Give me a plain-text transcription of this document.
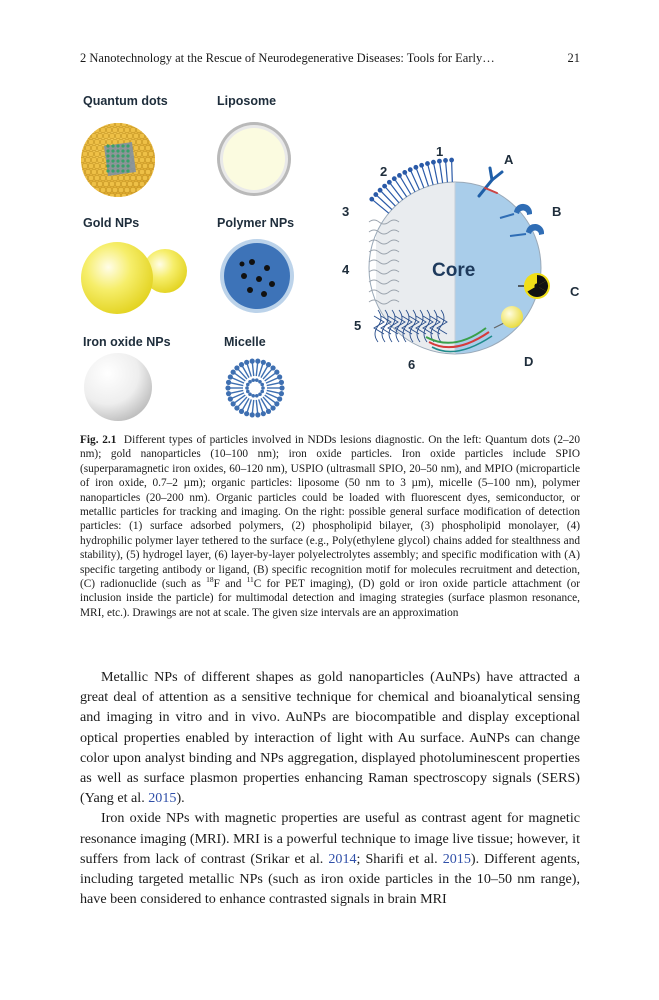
2 Nanotechnology at the Rescue of Neurodegenerative Diseases: Tools for Early…	21
Quantum dots	Liposome
Gold NPs	Polymer NPs
Iron oxide NPs	Micelle
1
2
3
4
5
6
A
B
C
D
Core
Fig. 2.1 Different types of particles involved in NDDs lesions diagnostic. On the left: Quantum dots (2–20 nm); gold nanoparticles (10–100 nm); iron oxide particles. Iron oxide particles include SPIO (superparamagnetic iron oxides, 60–120 nm), USPIO (ultrasmall SPIO, 20–50 nm), and MPIO (microparticle of iron oxide, 0.7–2 µm); organic particles: liposome (50 nm to 3 µm), micelle (5–100 nm), polymer nanoparticles (20–200 nm). Organic particles could be loaded with fluorescent dyes, semiconductor, or metallic particles for tracking and imaging. On the right: possible general surface modification of detection particles: (1) surface adsorbed polymers, (2) phospholipid bilayer, (3) phospholipid monolayer, (4) hydrophilic polymer layer tethered to the surface (e.g., Poly(ethylene glycol) chains added for stealthness and stability), (5) hydrogel layer, (6) layer-by-layer polyelectrolytes assembly; and specific modification with (A) specific targeting antibody or ligand, (B) specific recognition motif for molecules recruitment and detection, (C) radionuclide (such as $^{18}$F and $^{11}$C for PET imaging), (D) gold or iron oxide particle attachment (or inclusion inside the particle) for multimodal detection and imaging strategies (surface plasmon resonance, MRI, etc.). Drawings are not at scale. The given size intervals are an approximation

Metallic NPs of different shapes as gold nanoparticles (AuNPs) have attracted a great deal of attention as a sensitive technique for chemical and bioanalytical sensing and imaging in vitro and in vivo. AuNPs are biocompatible and display exceptional optical properties enabled by interaction of light with Au surface. AuNPs can change color upon analyst binding and NPs aggregation, displayed photoluminescent properties as well as surface plasmon properties enhancing Raman spectroscopy signals (SERS) (Yang et al. 2015).

Iron oxide NPs with magnetic properties are useful as contrast agent for magnetic resonance imaging (MRI). MRI is a powerful technique to image live tissue; however, it suffers from lack of contrast (Srikar et al. 2014; Sharifi et al. 2015). Different agents, including targeted metallic NPs (such as iron oxide particles in the 10–50 nm range), have been considered to enhance contrasted signals in brain MRI
